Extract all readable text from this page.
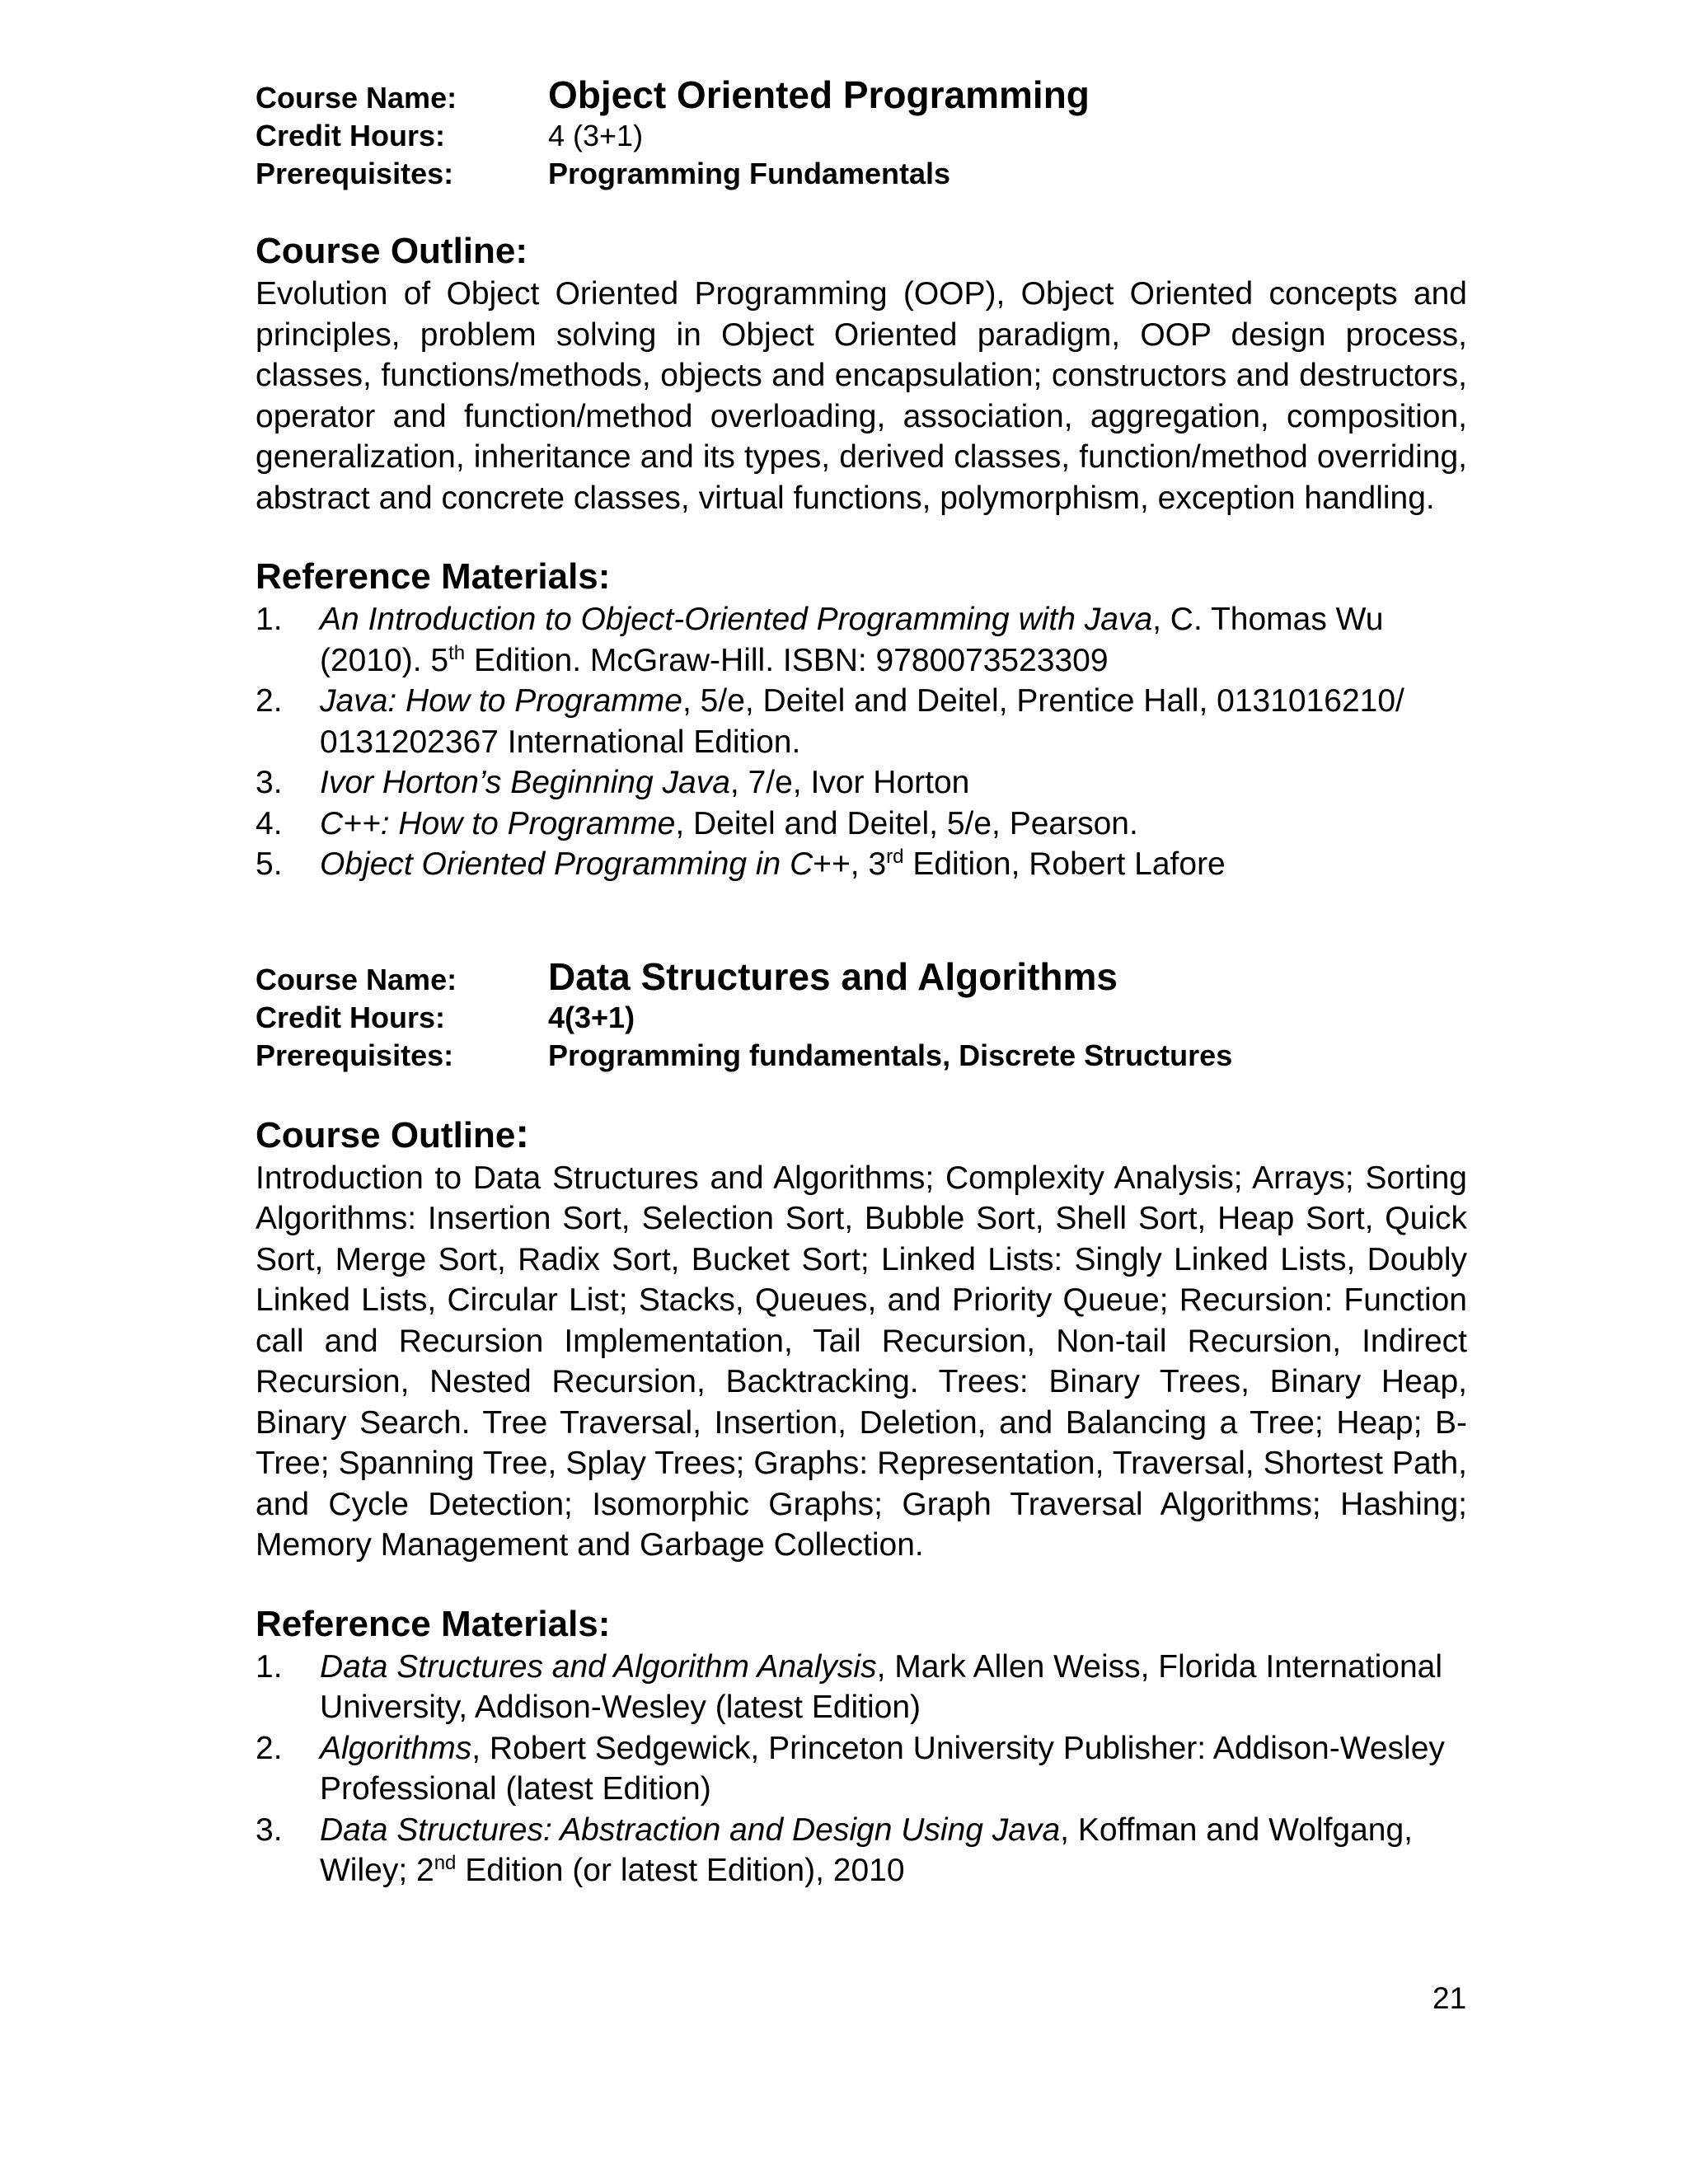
Course Name:	Object Oriented Programming
Credit Hours:	4 (3+1)
Prerequisites:	Programming Fundamentals
Course Outline:

Evolution of Object Oriented Programming (OOP), Object Oriented concepts and principles, problem solving in Object Oriented paradigm, OOP design process, classes, functions/methods, objects and encapsulation; constructors and destructors, operator and function/method overloading, association, aggregation, composition, generalization, inheritance and its types, derived classes, function/method overriding, abstract and concrete classes, virtual functions, polymorphism, exception handling.

Reference Materials:
1. An Introduction to Object-Oriented Programming with Java, C. Thomas Wu (2010). 5th Edition. McGraw-Hill. ISBN: 9780073523309
2. Java: How to Programme, 5/e, Deitel and Deitel, Prentice Hall, 0131016210/ 0131202367 International Edition.
3. Ivor Horton’s Beginning Java, 7/e, Ivor Horton
4. C++: How to Programme, Deitel and Deitel, 5/e, Pearson.
5. Object Oriented Programming in C++, 3rd Edition, Robert Lafore
Course Name:	Data Structures and Algorithms
Credit Hours:	4(3+1)
Prerequisites:	Programming fundamentals, Discrete Structures
Course Outline:

Introduction to Data Structures and Algorithms; Complexity Analysis; Arrays; Sorting Algorithms: Insertion Sort, Selection Sort, Bubble Sort, Shell Sort, Heap Sort, Quick Sort, Merge Sort, Radix Sort, Bucket Sort; Linked Lists: Singly Linked Lists, Doubly Linked Lists, Circular List; Stacks, Queues, and Priority Queue; Recursion: Function call and Recursion Implementation, Tail Recursion, Non-tail Recursion, Indirect Recursion, Nested Recursion, Backtracking. Trees: Binary Trees, Binary Heap, Binary Search. Tree Traversal, Insertion, Deletion, and Balancing a Tree; Heap; B-Tree; Spanning Tree, Splay Trees; Graphs: Representation, Traversal, Shortest Path, and Cycle Detection; Isomorphic Graphs; Graph Traversal Algorithms; Hashing; Memory Management and Garbage Collection.

Reference Materials:
1. Data Structures and Algorithm Analysis, Mark Allen Weiss, Florida International University, Addison-Wesley (latest Edition)
2. Algorithms, Robert Sedgewick, Princeton University Publisher: Addison-Wesley Professional (latest Edition)
3. Data Structures: Abstraction and Design Using Java, Koffman and Wolfgang, Wiley; 2nd Edition (or latest Edition), 2010
21
